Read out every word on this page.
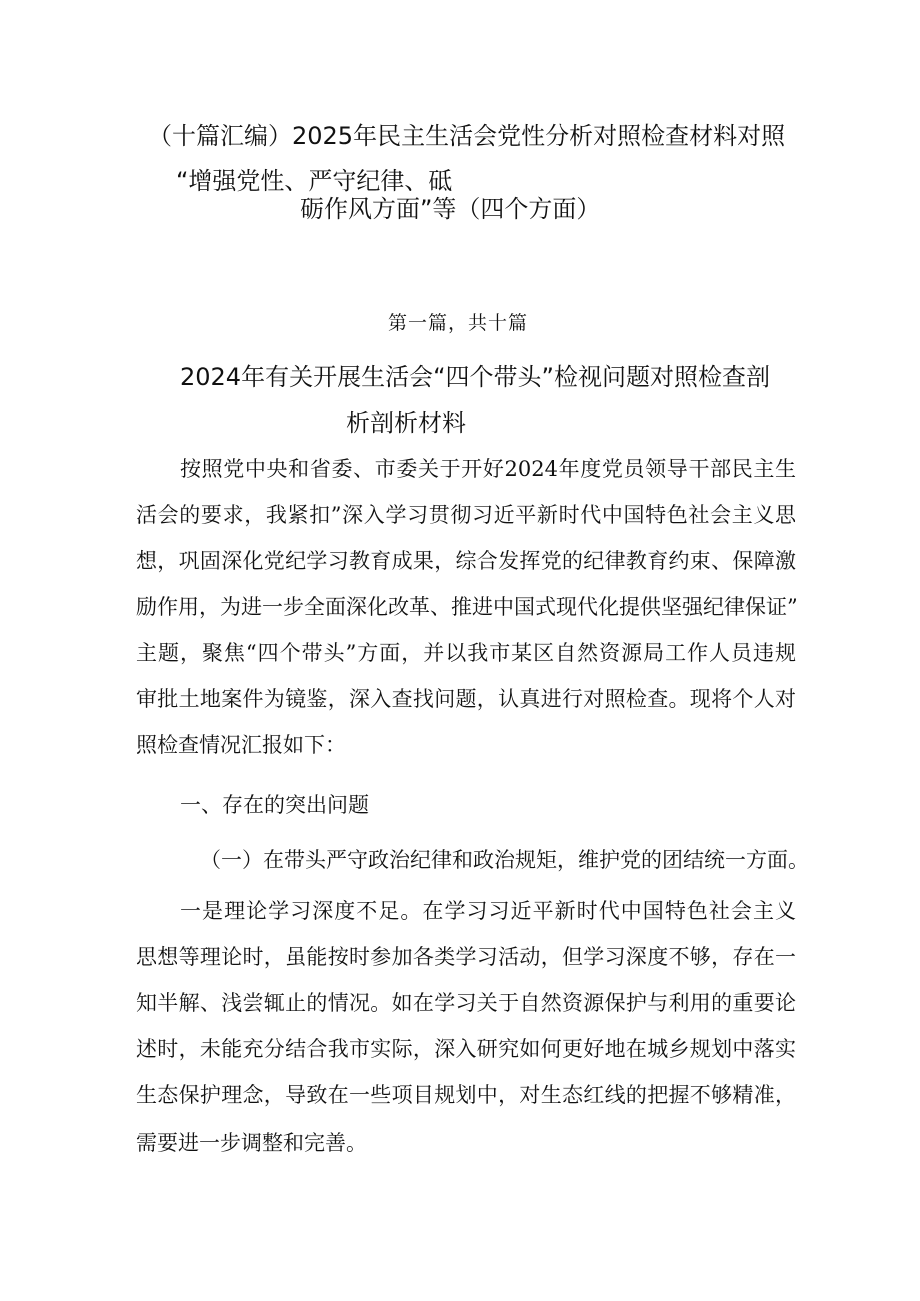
（十篇汇编）2025年民主生活会党性分析对照检查材料对照
“增强党性、严守纪律、砥
砺作风方面”等（四个方面）
第一篇，共十篇
2024年有关开展生活会“四个带头”检视问题对照检查剖
析剖析材料
按照党中央和省委、市委关于开好2024年度党员领导干部民主生
活会的要求，我紧扣”深入学习贯彻习近平新时代中国特色社会主义思
想，巩固深化党纪学习教育成果，综合发挥党的纪律教育约束、保障激
励作用，为进一步全面深化改革、推进中国式现代化提供坚强纪律保证”
主题，聚焦“四个带头”方面，并以我市某区自然资源局工作人员违规
审批土地案件为镜鉴，深入查找问题，认真进行对照检查。现将个人对
照检查情况汇报如下：
一、存在的突出问题
（一）在带头严守政治纪律和政治规矩，维护党的团结统一方面。
一是理论学习深度不足。在学习习近平新时代中国特色社会主义
思想等理论时，虽能按时参加各类学习活动，但学习深度不够，存在一
知半解、浅尝辄止的情况。如在学习关于自然资源保护与利用的重要论
述时，未能充分结合我市实际，深入研究如何更好地在城乡规划中落实
生态保护理念，导致在一些项目规划中，对生态红线的把握不够精准，
需要进一步调整和完善。
